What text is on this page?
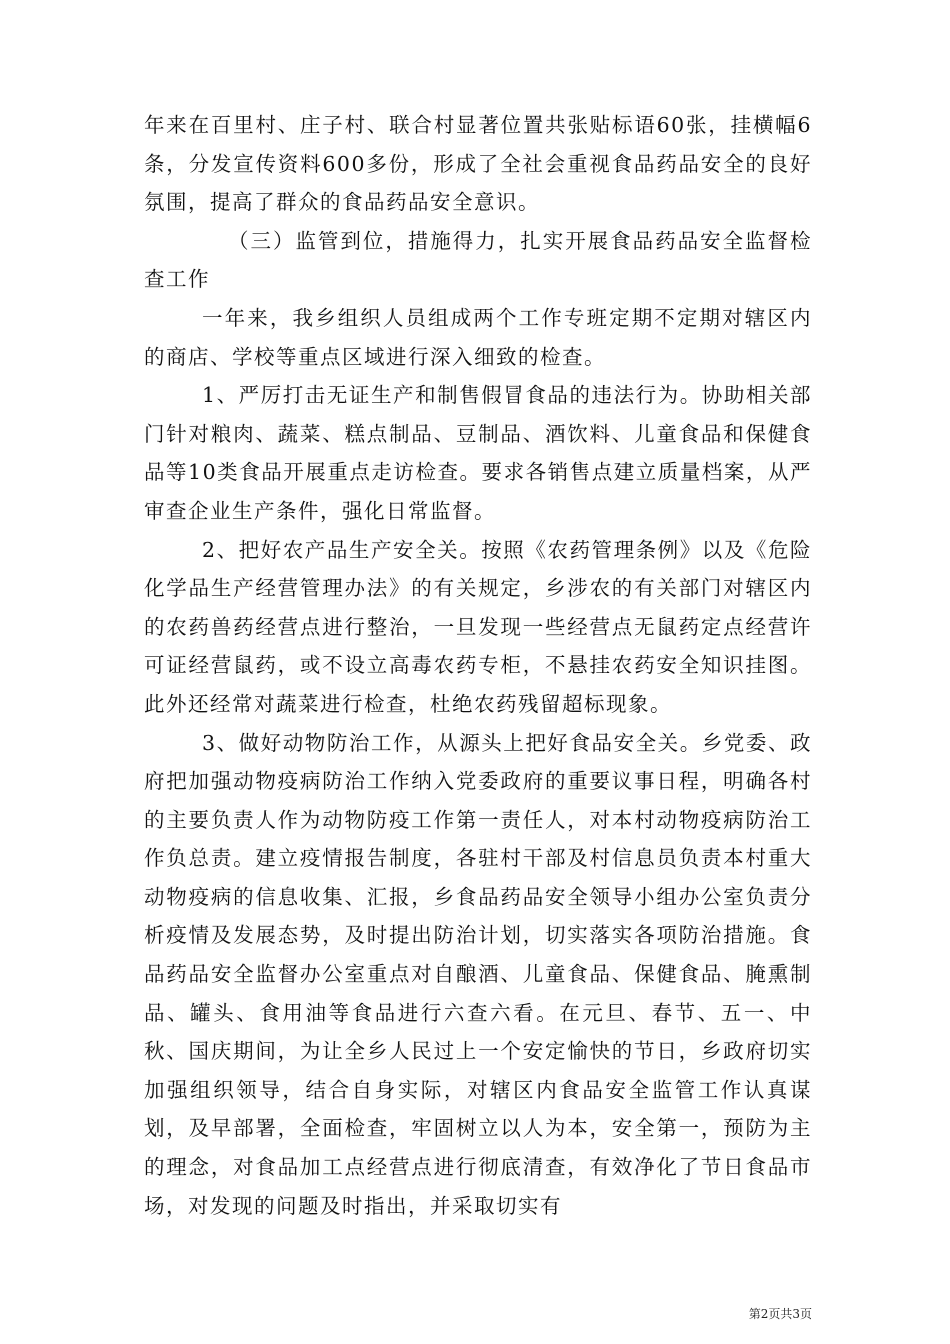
年来在百里村、庄子村、联合村显著位置共张贴标语60张，挂横幅6条，分发宣传资料600多份，形成了全社会重视食品药品安全的良好氛围，提高了群众的食品药品安全意识。

（三）监管到位，措施得力，扎实开展食品药品安全监督检查工作

一年来，我乡组织人员组成两个工作专班定期不定期对辖区内的商店、学校等重点区域进行深入细致的检查。

1、严厉打击无证生产和制售假冒食品的违法行为。协助相关部门针对粮肉、蔬菜、糕点制品、豆制品、酒饮料、儿童食品和保健食品等10类食品开展重点走访检查。要求各销售点建立质量档案，从严审查企业生产条件，强化日常监督。

2、把好农产品生产安全关。按照《农药管理条例》以及《危险化学品生产经营管理办法》的有关规定，乡涉农的有关部门对辖区内的农药兽药经营点进行整治，一旦发现一些经营点无鼠药定点经营许可证经营鼠药，或不设立高毒农药专柜，不悬挂农药安全知识挂图。此外还经常对蔬菜进行检查，杜绝农药残留超标现象。

3、做好动物防治工作，从源头上把好食品安全关。乡党委、政府把加强动物疫病防治工作纳入党委政府的重要议事日程，明确各村的主要负责人作为动物防疫工作第一责任人，对本村动物疫病防治工作负总责。建立疫情报告制度，各驻村干部及村信息员负责本村重大动物疫病的信息收集、汇报，乡食品药品安全领导小组办公室负责分析疫情及发展态势，及时提出防治计划，切实落实各项防治措施。食品药品安全监督办公室重点对自酿酒、儿童食品、保健食品、腌熏制品、罐头、食用油等食品进行六查六看。在元旦、春节、五一、中秋、国庆期间，为让全乡人民过上一个安定愉快的节日，乡政府切实加强组织领导，结合自身实际，对辖区内食品安全监管工作认真谋划，及早部署，全面检查，牢固树立以人为本，安全第一，预防为主的理念，对食品加工点经营点进行彻底清查，有效净化了节日食品市场，对发现的问题及时指出，并采取切实有

第2页共3页
